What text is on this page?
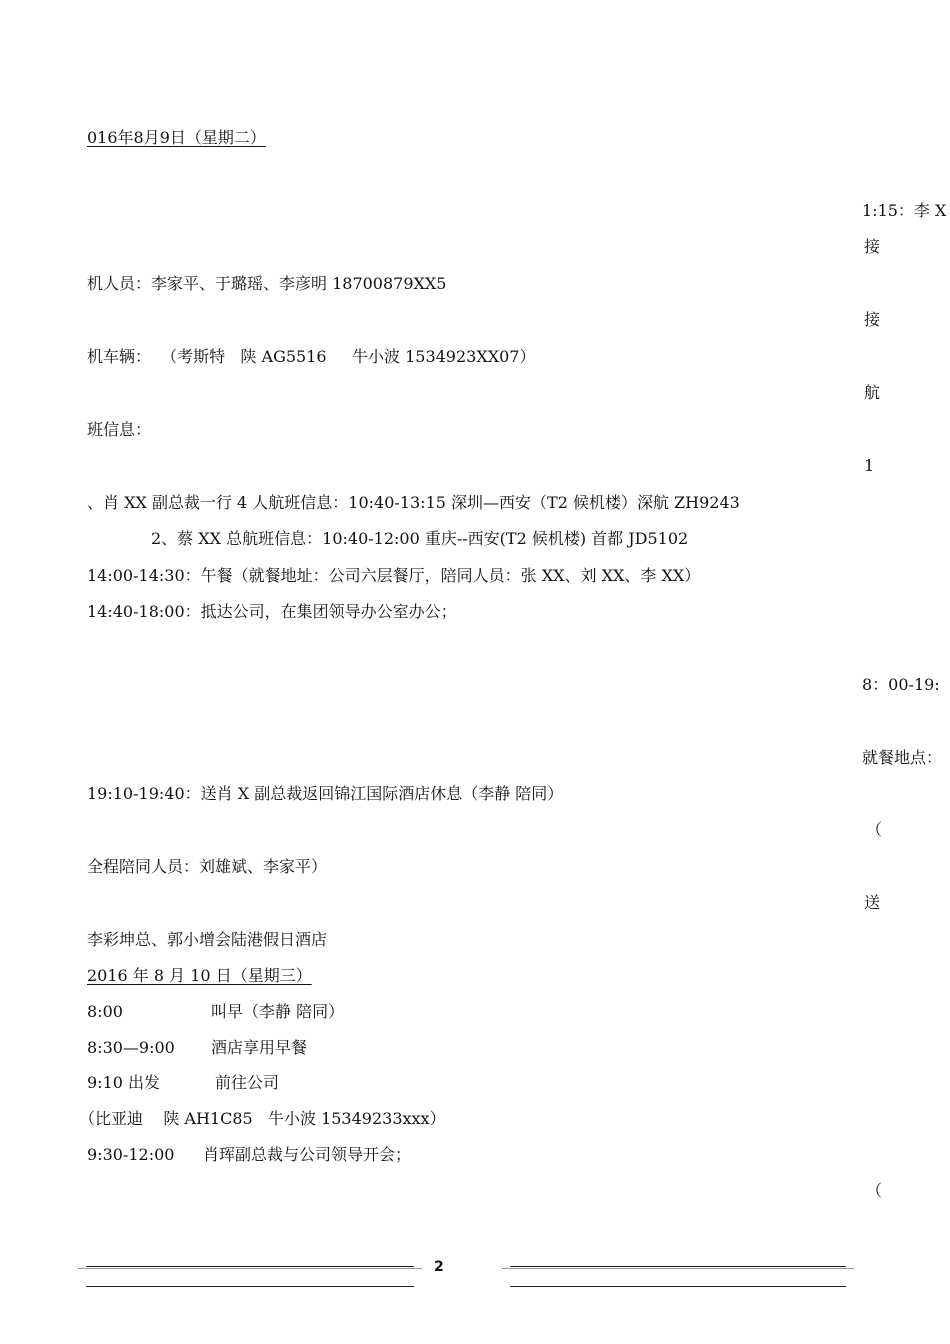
016年8月9日（星期二）
机人员：李家平、于璐瑶、李彦明 18700879XX5
机车辆：  （考斯特   陕 AG5516     牛小波 1534923XX07）
班信息：
、肖 XX 副总裁一行 4 人航班信息：10:40-13:15 深圳—西安（T2 候机楼）深航 ZH9243
2、蔡 XX 总航班信息：10:40-12:00 重庆--西安(T2 候机楼) 首都 JD5102
14:00-14:30：午餐（就餐地址：公司六层餐厅，陪同人员：张 XX、刘 XX、李 XX）
14:40-18:00：抵达公司，在集团领导办公室办公；
19:10-19:40：送肖 X 副总裁返回锦江国际酒店休息（李静 陪同）
全程陪同人员：刘雄斌、李家平）
李彩坤总、郭小增会陆港假日酒店
2016 年 8 月 10 日（星期三）
8:00	叫早（李静 陪同）
8:30—9:00 酒店享用早餐
9:10 出发	前往公司
（比亚迪    陕 AH1C85   牛小波 15349233xxx）
9:30-12:00 肖珲副总裁与公司领导开会；
1:15：李 X
接
接
航
1
8：00-19:
就餐地点：
（
送
（
2
